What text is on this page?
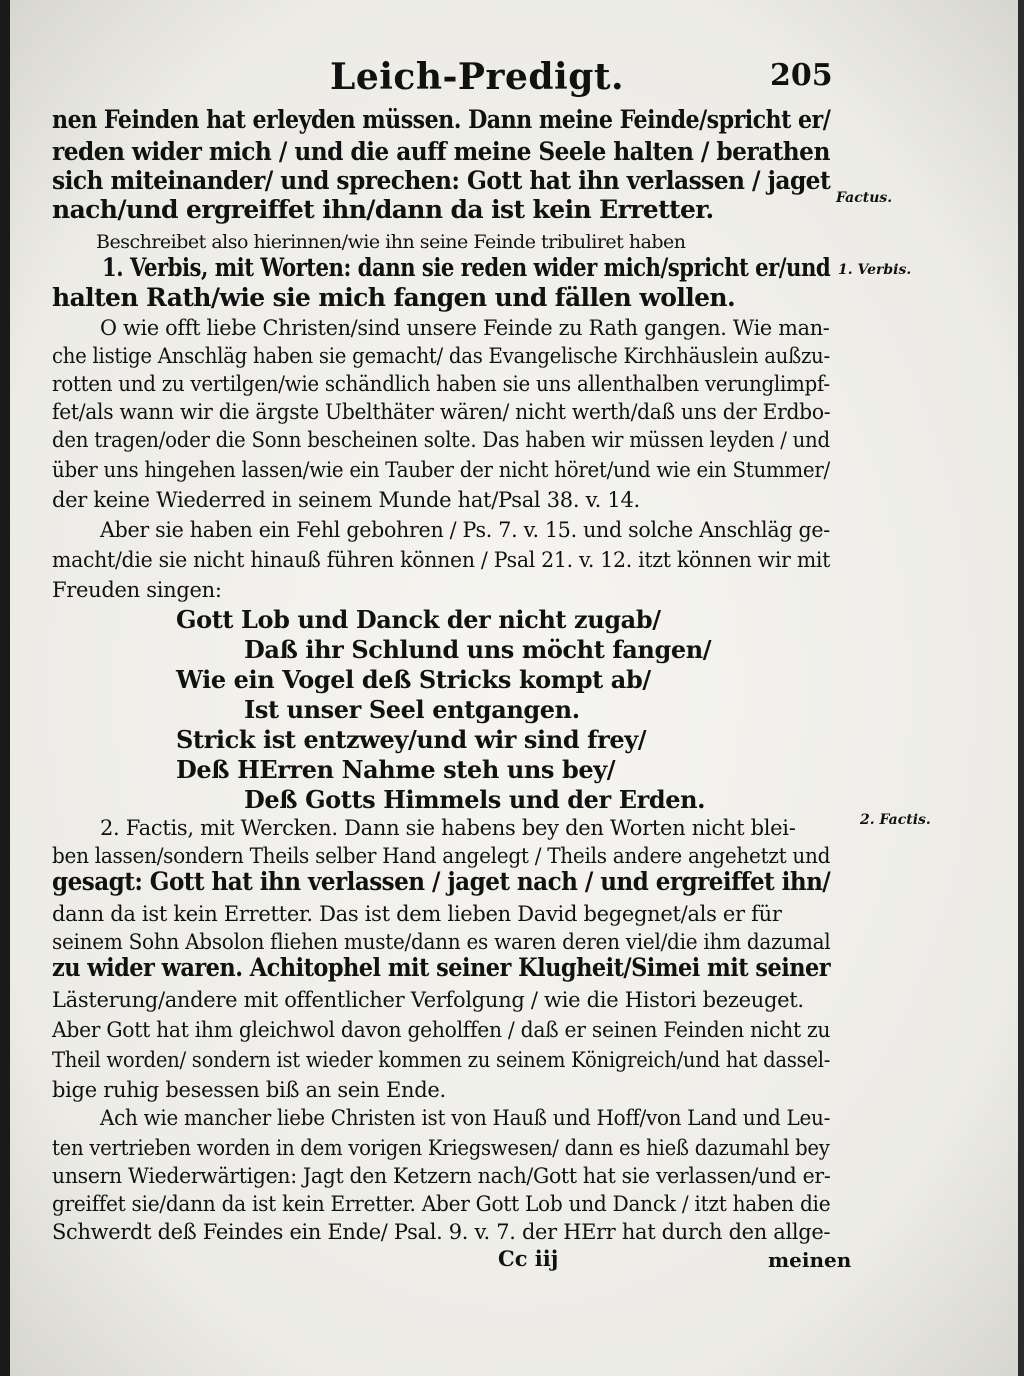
Leich-Predigt.	205
nen Feinden hat erleyden müssen. Dann meine Feinde/spricht er/
reden wider mich / und die auff meine Seele halten / berathen
sich miteinander/ und sprechen: Gott hat ihn verlassen / jaget
nach/und ergreiffet ihn/dann da ist kein Erretter.
Beschreibet also hierinnen/wie ihn seine Feinde tribuliret haben
1. Verbis, mit Worten: dann sie reden wider mich/spricht er/und
halten Rath/wie sie mich fangen und fällen wollen.
O wie offt liebe Christen/sind unsere Feinde zu Rath gangen. Wie man-
che listige Anschläg haben sie gemacht/ das Evangelische Kirchhäuslein außzu-
rotten und zu vertilgen/wie schändlich haben sie uns allenthalben verunglimpf-
fet/als wann wir die ärgste Ubelthäter wären/ nicht werth/daß uns der Erdbo-
den tragen/oder die Sonn bescheinen solte. Das haben wir müssen leyden / und
über uns hingehen lassen/wie ein Tauber der nicht höret/und wie ein Stummer/
der keine Wiederred in seinem Munde hat/Psal 38. v. 14.
Aber sie haben ein Fehl gebohren / Ps. 7. v. 15. und solche Anschläg ge-
macht/die sie nicht hinauß führen können / Psal 21. v. 12. itzt können wir mit
Freuden singen:
Gott Lob und Danck der nicht zugab/
Daß ihr Schlund uns möcht fangen/
Wie ein Vogel deß Stricks kompt ab/
Ist unser Seel entgangen.
Strick ist entzwey/und wir sind frey/
Deß HErren Nahme steh uns bey/
Deß Gotts Himmels und der Erden.
2. Factis, mit Wercken. Dann sie habens bey den Worten nicht blei-
ben lassen/sondern Theils selber Hand angelegt / Theils andere angehetzt und
gesagt: Gott hat ihn verlassen / jaget nach / und ergreiffet ihn/
dann da ist kein Erretter. Das ist dem lieben David begegnet/als er für
seinem Sohn Absolon fliehen muste/dann es waren deren viel/die ihm dazumal
zu wider waren. Achitophel mit seiner Klugheit/Simei mit seiner
Lästerung/andere mit offentlicher Verfolgung / wie die Histori bezeuget.
Aber Gott hat ihm gleichwol davon geholffen / daß er seinen Feinden nicht zu
Theil worden/ sondern ist wieder kommen zu seinem Königreich/und hat dassel-
bige ruhig besessen biß an sein Ende.
Ach wie mancher liebe Christen ist von Hauß und Hoff/von Land und Leu-
ten vertrieben worden in dem vorigen Kriegswesen/ dann es hieß dazumahl bey
unsern Wiederwärtigen: Jagt den Ketzern nach/Gott hat sie verlassen/und er-
greiffet sie/dann da ist kein Erretter. Aber Gott Lob und Danck / itzt haben die
Schwerdt deß Feindes ein Ende/ Psal. 9. v. 7. der HErr hat durch den allge-
Factus.
1. Verbis.
2. Factis.
Cc iij	meinen
